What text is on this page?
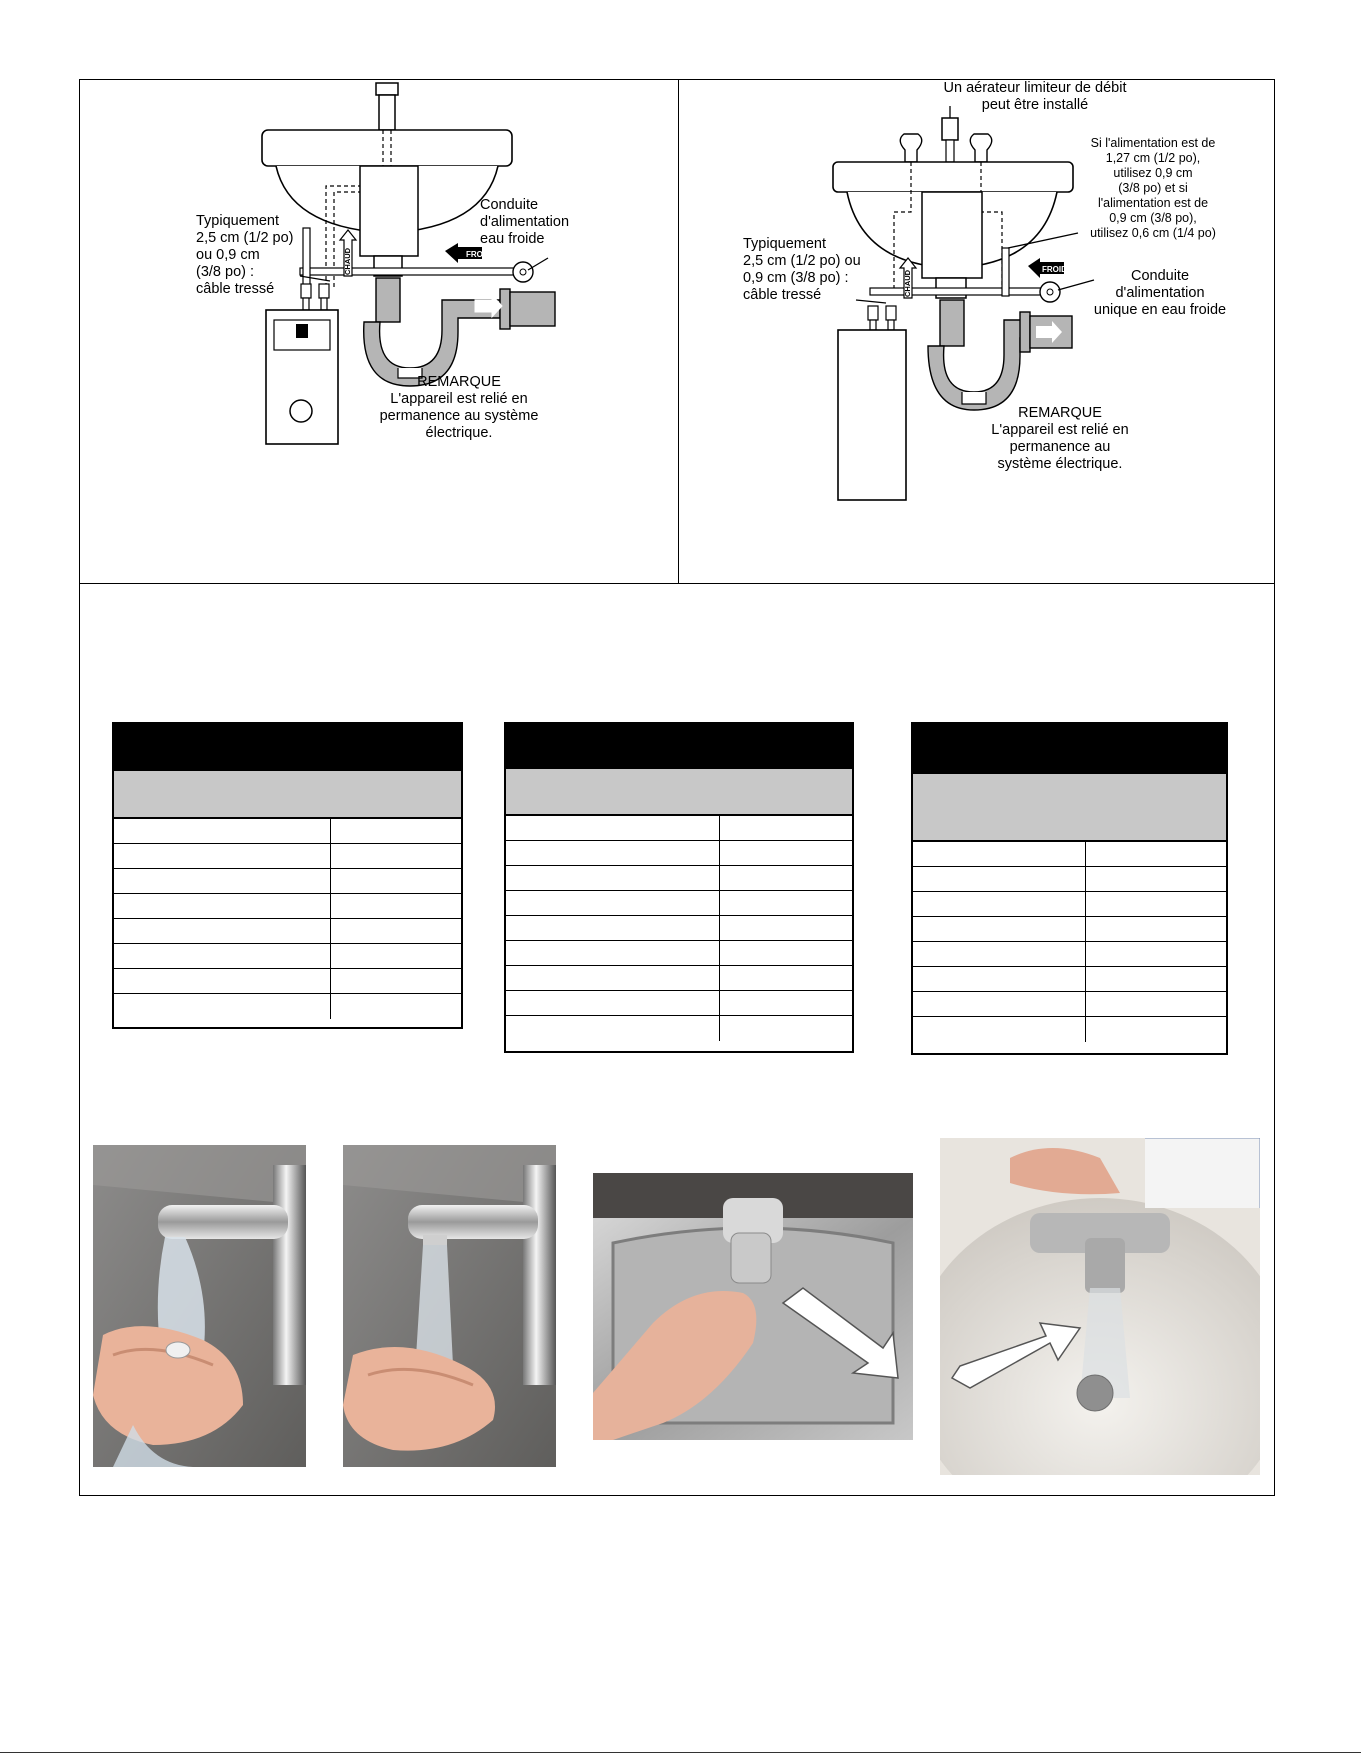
FROID
CHAUD
Typiquement
2,5 cm (1/2 po)
ou 0,9 cm
(3/8 po) :
câble tressé
Conduite
d'alimentation
eau froide
REMARQUE
L'appareil est relié en
permanence au système
électrique.
FROID
CHAUD
Un aérateur limiteur de débit
peut être installé
Si l'alimentation est de
1,27 cm (1/2 po),
utilisez 0,9 cm
(3/8 po) et si
l'alimentation est de
0,9 cm (3/8 po),
utilisez 0,6 cm (1/4 po)
Typiquement
2,5 cm (1/2 po) ou
0,9 cm (3/8 po) :
câble tressé
Conduite
d'alimentation
unique en eau froide
REMARQUE
L'appareil est relié en
permanence au
système électrique.
